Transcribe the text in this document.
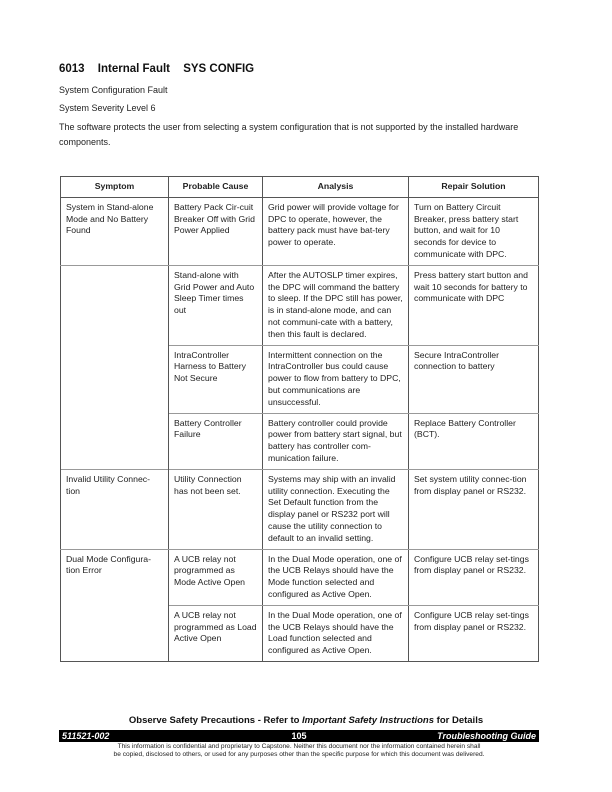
6013 Internal Fault SYS CONFIG
System Configuration Fault
System Severity Level 6
The software protects the user from selecting a system configuration that is not supported by the installed hardware components.
Symptom	Probable Cause	Analysis	Repair Solution
System in Stand-alone Mode and No Battery Found	Battery Pack Cir-cuit Breaker Off with Grid Power Applied	Grid power will provide voltage for DPC to operate, however, the battery pack must have bat-tery power to operate.	Turn on Battery Circuit Breaker, press battery start button, and wait for 10 seconds for device to communicate with DPC.
	Stand-alone with Grid Power and Auto Sleep Timer times out	After the AUTOSLP timer expires, the DPC will command the battery to sleep. If the DPC still has power, is in stand-alone mode, and can not communi-cate with a battery, then this fault is declared.	Press battery start button and wait 10 seconds for battery to communicate with DPC
	IntraController Harness to Battery Not Secure	Intermittent connection on the IntraController bus could cause power to flow from battery to DPC, but communications are unsuccessful.	Secure IntraController connection to battery
	Battery Controller Failure	Battery controller could provide power from battery start signal, but battery has controller com-munication failure.	Replace Battery Controller (BCT).
Invalid Utility Connec-tion	Utility Connection has not been set.	Systems may ship with an invalid utility connection. Executing the Set Default function from the display panel or RS232 port will cause the utility connection to default to an invalid setting.	Set system utility connec-tion from display panel or RS232.
Dual Mode Configura-tion Error	A UCB relay not programmed as Mode Active Open	In the Dual Mode operation, one of the UCB Relays should have the Mode function selected and configured as Active Open.	Configure UCB relay set-tings from display panel or RS232.
	A UCB relay not programmed as Load Active Open	In the Dual Mode operation, one of the UCB Relays should have the Load function selected and configured as Active Open.	Configure UCB relay set-tings from display panel or RS232.
Observe Safety Precautions - Refer to Important Safety Instructions for Details
511521-002	105	Troubleshooting Guide
This information is confidential and proprietary to Capstone. Neither this document nor the information contained herein shall
be copied, disclosed to others, or used for any purposes other than the specific purpose for which this document was delivered.
